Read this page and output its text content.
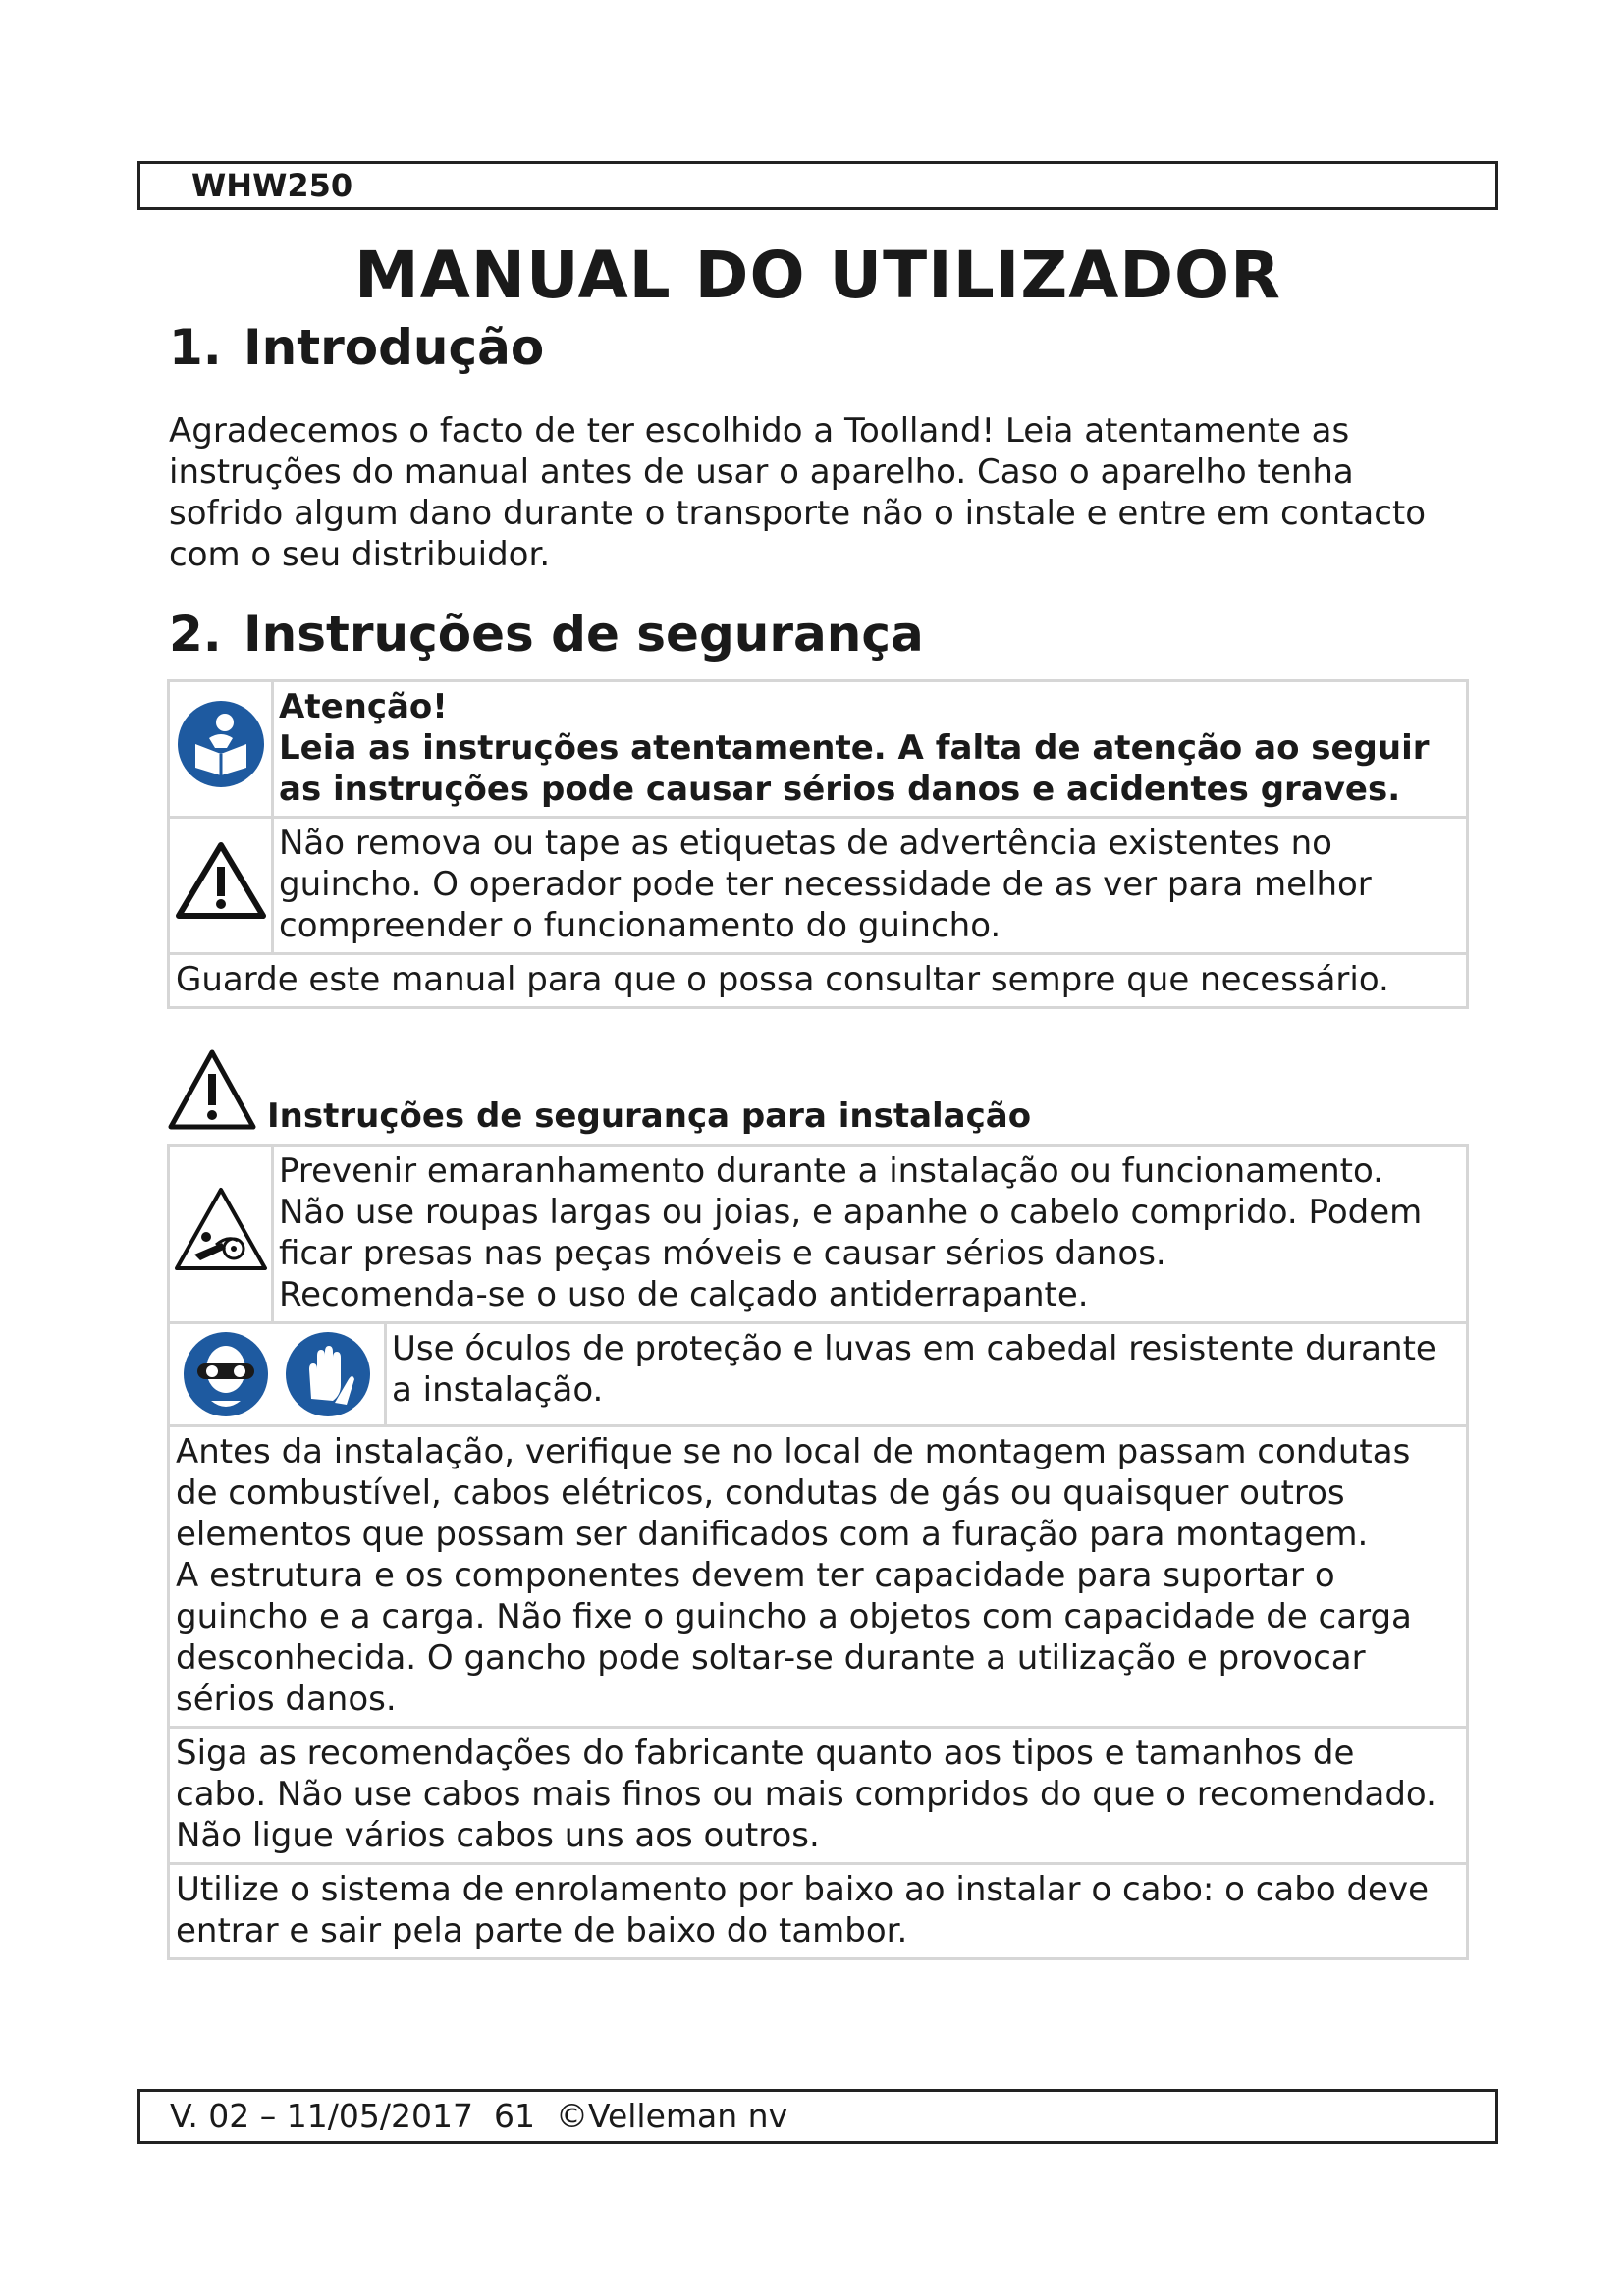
WHW250
MANUAL DO UTILIZADOR
1. Introdução
Agradecemos o facto de ter escolhido a Toolland! Leia atentamente as
instruções do manual antes de usar o aparelho. Caso o aparelho tenha
sofrido algum dano durante o transporte não o instale e entre em contacto
com o seu distribuidor.
2. Instruções de segurança

Atenção!
Leia as instruções atentamente. A falta de atenção ao seguir
as instruções pode causar sérios danos e acidentes graves.

Não remova ou tape as etiquetas de advertência existentes no
guincho. O operador pode ter necessidade de as ver para melhor
compreender o funcionamento do guincho.

Guarde este manual para que o possa consultar sempre que necessário.	
Instruções de segurança para instalação

Prevenir emaranhamento durante a instalação ou funcionamento.
Não use roupas largas ou joias, e apanhe o cabelo comprido. Podem
ficar presas nas peças móveis e causar sérios danos.
Recomenda-se o uso de calçado antiderrapante.

Use óculos de proteção e luvas em cabedal resistente durante
a instalação.

Antes da instalação, verifique se no local de montagem passam condutas
de combustível, cabos elétricos, condutas de gás ou quaisquer outros
elementos que possam ser danificados com a furação para montagem.
A estrutura e os componentes devem ter capacidade para suportar o
guincho e a carga. Não fixe o guincho a objetos com capacidade de carga
desconhecida. O gancho pode soltar-se durante a utilização e provocar
sérios danos.

Siga as recomendações do fabricante quanto aos tipos e tamanhos de
cabo. Não use cabos mais finos ou mais compridos do que o recomendado.
Não ligue vários cabos uns aos outros.

Utilize o sistema de enrolamento por baixo ao instalar o cabo: o cabo deve
entrar e sair pela parte de baixo do tambor.
V. 02 – 11/05/2017 61 ©Velleman nv
